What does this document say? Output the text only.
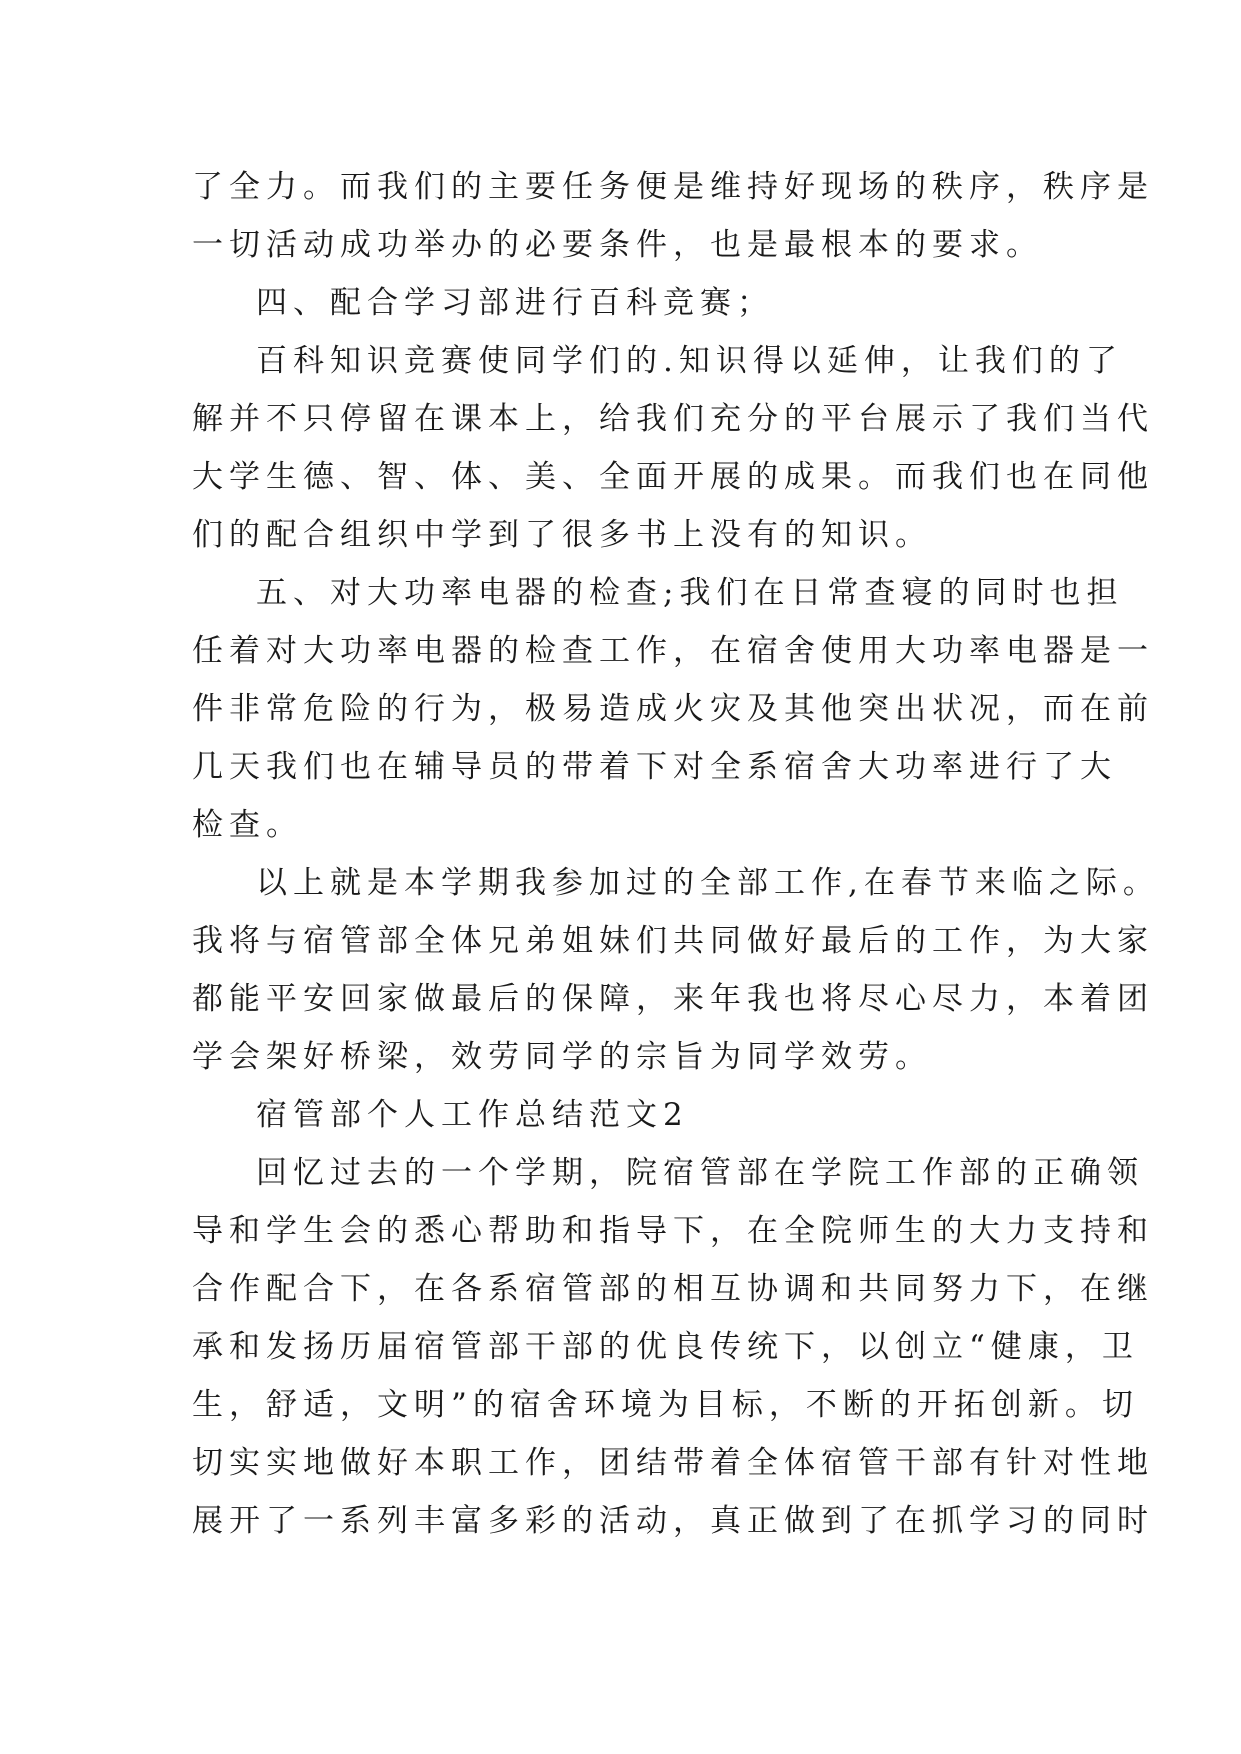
了全力。而我们的主要任务便是维持好现场的秩序，秩序是
一切活动成功举办的必要条件，也是最根本的要求。
四、配合学习部进行百科竞赛；
百科知识竞赛使同学们的.知识得以延伸，让我们的了
解并不只停留在课本上，给我们充分的平台展示了我们当代
大学生德、智、体、美、全面开展的成果。而我们也在同他
们的配合组织中学到了很多书上没有的知识。
五、对大功率电器的检查;我们在日常查寝的同时也担
任着对大功率电器的检查工作，在宿舍使用大功率电器是一
件非常危险的行为，极易造成火灾及其他突出状况，而在前
几天我们也在辅导员的带着下对全系宿舍大功率进行了大
检查。
以上就是本学期我参加过的全部工作,在春节来临之际。
我将与宿管部全体兄弟姐妹们共同做好最后的工作，为大家
都能平安回家做最后的保障，来年我也将尽心尽力，本着团
学会架好桥梁，效劳同学的宗旨为同学效劳。
宿管部个人工作总结范文2
回忆过去的一个学期，院宿管部在学院工作部的正确领
导和学生会的悉心帮助和指导下，在全院师生的大力支持和
合作配合下，在各系宿管部的相互协调和共同努力下，在继
承和发扬历届宿管部干部的优良传统下，以创立“健康，卫
生，舒适，文明”的宿舍环境为目标，不断的开拓创新。切
切实实地做好本职工作，团结带着全体宿管干部有针对性地
展开了一系列丰富多彩的活动，真正做到了在抓学习的同时
